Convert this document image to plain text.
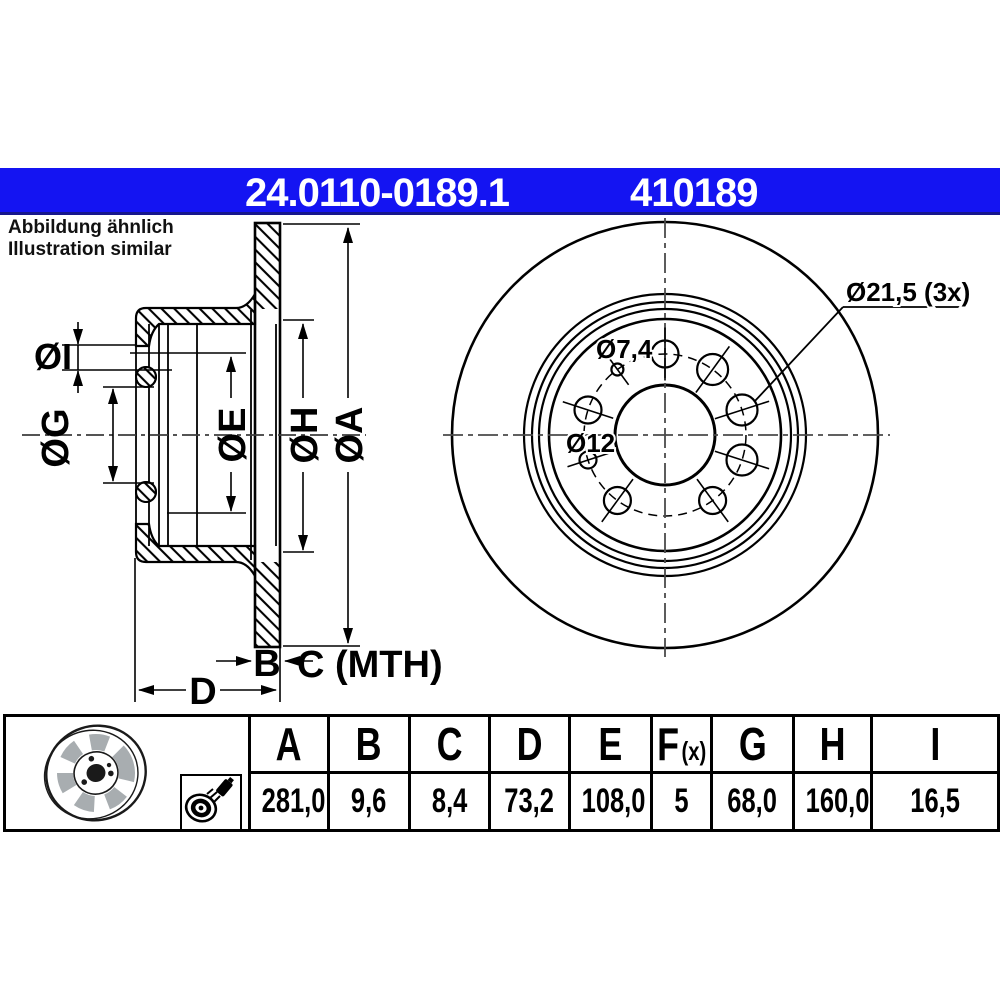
24.0110-0189.1	410189
Abbildung ähnlich
Illustration similar
ØI
ØG	ØE ØH ØA
B C (MTH)
D
Ø21,5 (3x)
Ø7,4
Ø12
	A	B	C	D	E	F(x)	G	H	I
	281,0	9,6	8,4	73,2	108,0	5	68,0	160,0	16,5
